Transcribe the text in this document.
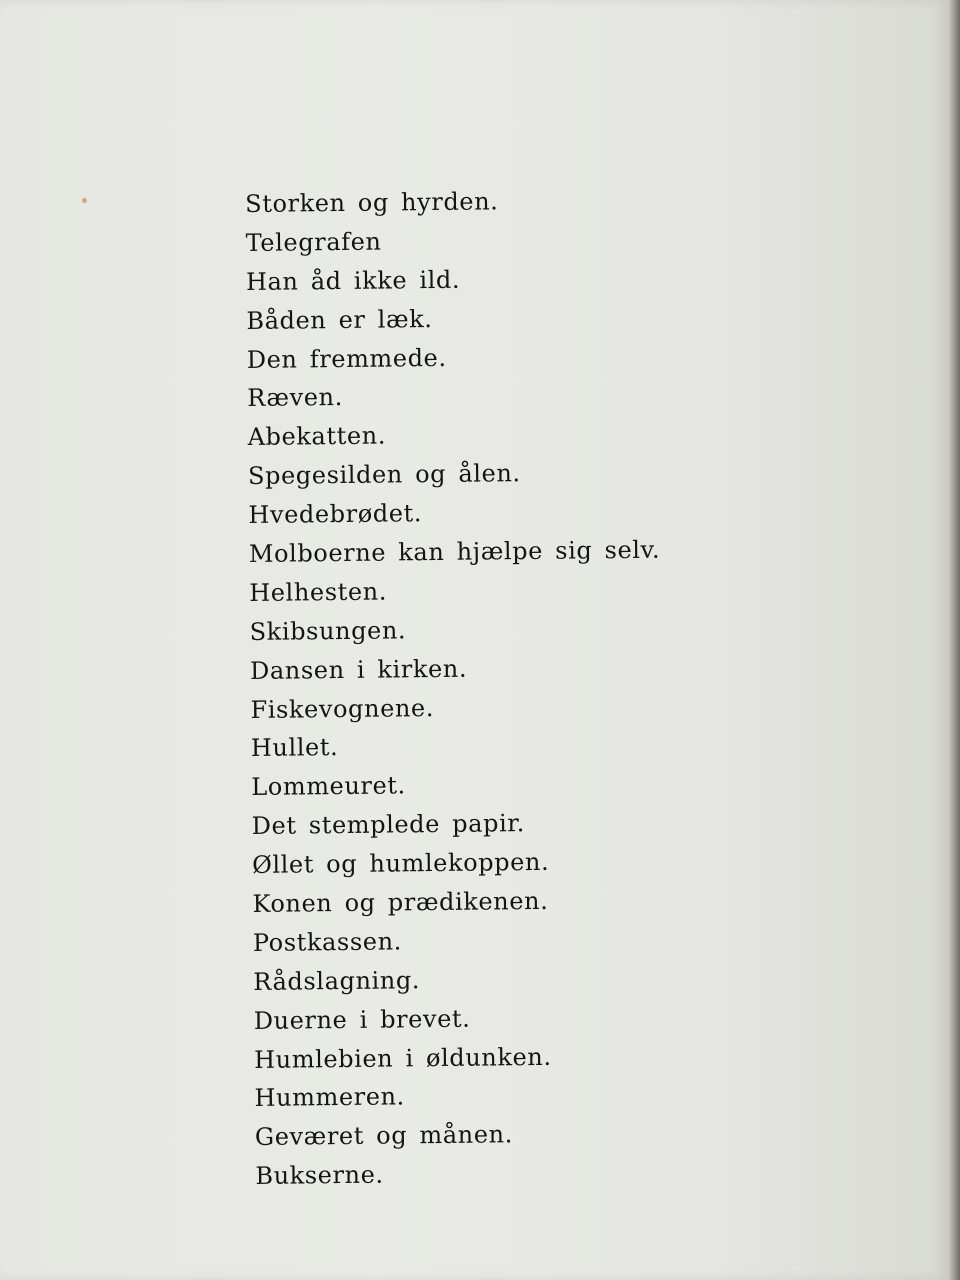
Storken og hyrden.
Telegrafen
Han åd ikke ild.
Båden er læk.
Den fremmede.
Ræven.
Abekatten.
Spegesilden og ålen.
Hvedebrødet.
Molboerne kan hjælpe sig selv.
Helhesten.
Skibsungen.
Dansen i kirken.
Fiskevognene.
Hullet.
Lommeuret.
Det stemplede papir.
Øllet og humlekoppen.
Konen og prædikenen.
Postkassen.
Rådslagning.
Duerne i brevet.
Humlebien i øldunken.
Hummeren.
Geværet og månen.
Bukserne.
